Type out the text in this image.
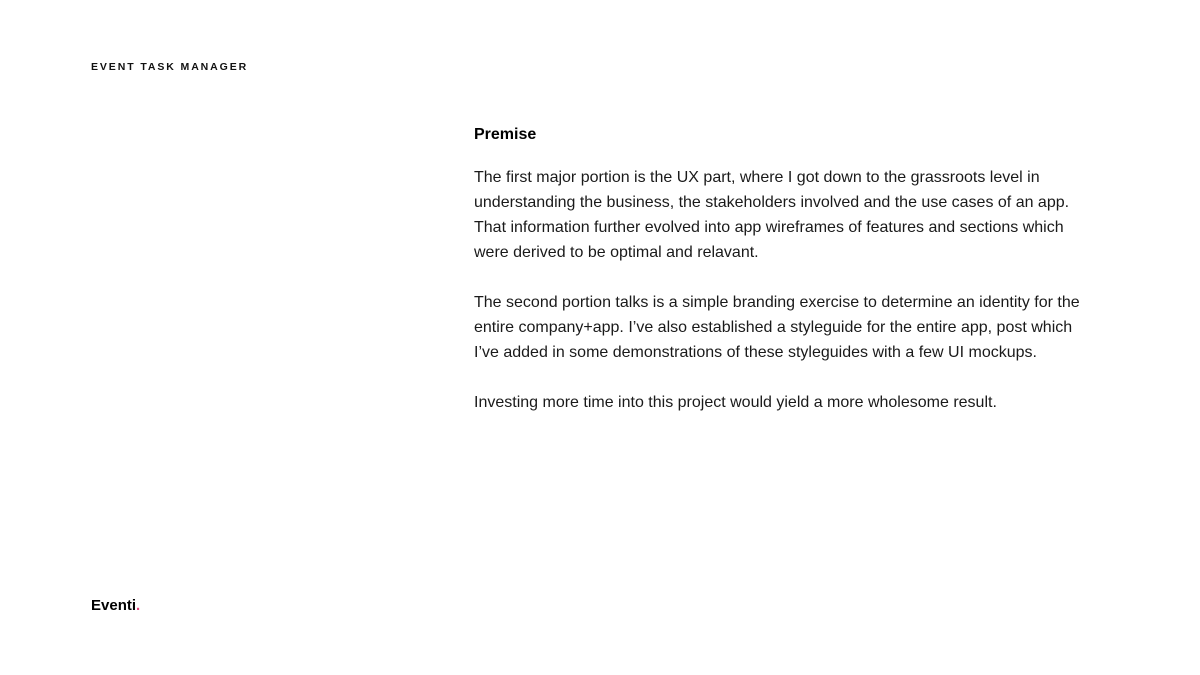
EVENT TASK MANAGER
Premise

The first major portion is the UX part, where I got down to the grassroots level in understanding the business, the stakeholders involved and the use cases of an app. That information further evolved into app wireframes of features and sections which were derived to be optimal and relavant.

The second portion talks is a simple branding exercise to determine an identity for the entire company+app. I’ve also established a styleguide for the entire app, post which I’ve added in some demonstrations of these styleguides with a few UI mockups.

Investing more time into this project would yield a more wholesome result.

Eventi.
